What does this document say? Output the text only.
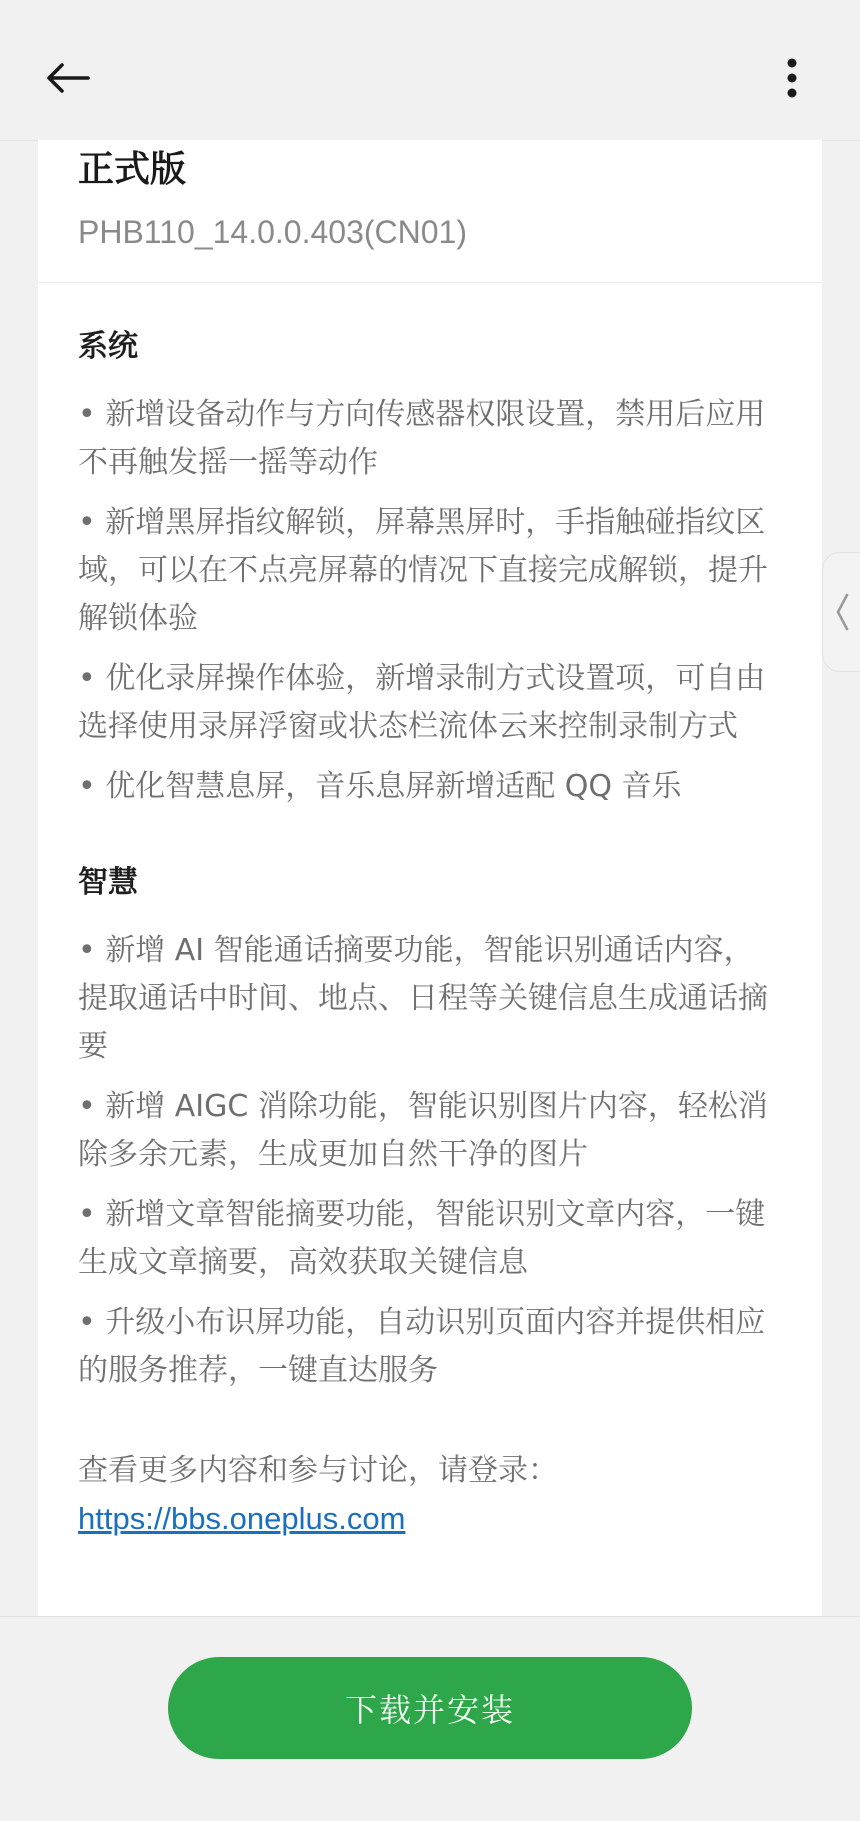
正式版
PHB110_14.0.0.403(CN01)
系统
• 新增设备动作与方向传感器权限设置，禁用后应用不再触发摇一摇等动作
• 新增黑屏指纹解锁，屏幕黑屏时，手指触碰指纹区域，可以在不点亮屏幕的情况下直接完成解锁，提升解锁体验
• 优化录屏操作体验，新增录制方式设置项，可自由选择使用录屏浮窗或状态栏流体云来控制录制方式
• 优化智慧息屏，音乐息屏新增适配 QQ 音乐
智慧
• 新增 AI 智能通话摘要功能，智能识别通话内容，提取通话中时间、地点、日程等关键信息生成通话摘要
• 新增 AIGC 消除功能，智能识别图片内容，轻松消除多余元素，生成更加自然干净的图片
• 新增文章智能摘要功能，智能识别文章内容，一键生成文章摘要，高效获取关键信息
• 升级小布识屏功能，自动识别页面内容并提供相应的服务推荐，一键直达服务
查看更多内容和参与讨论，请登录：
https://bbs.oneplus.com
下载并安装
